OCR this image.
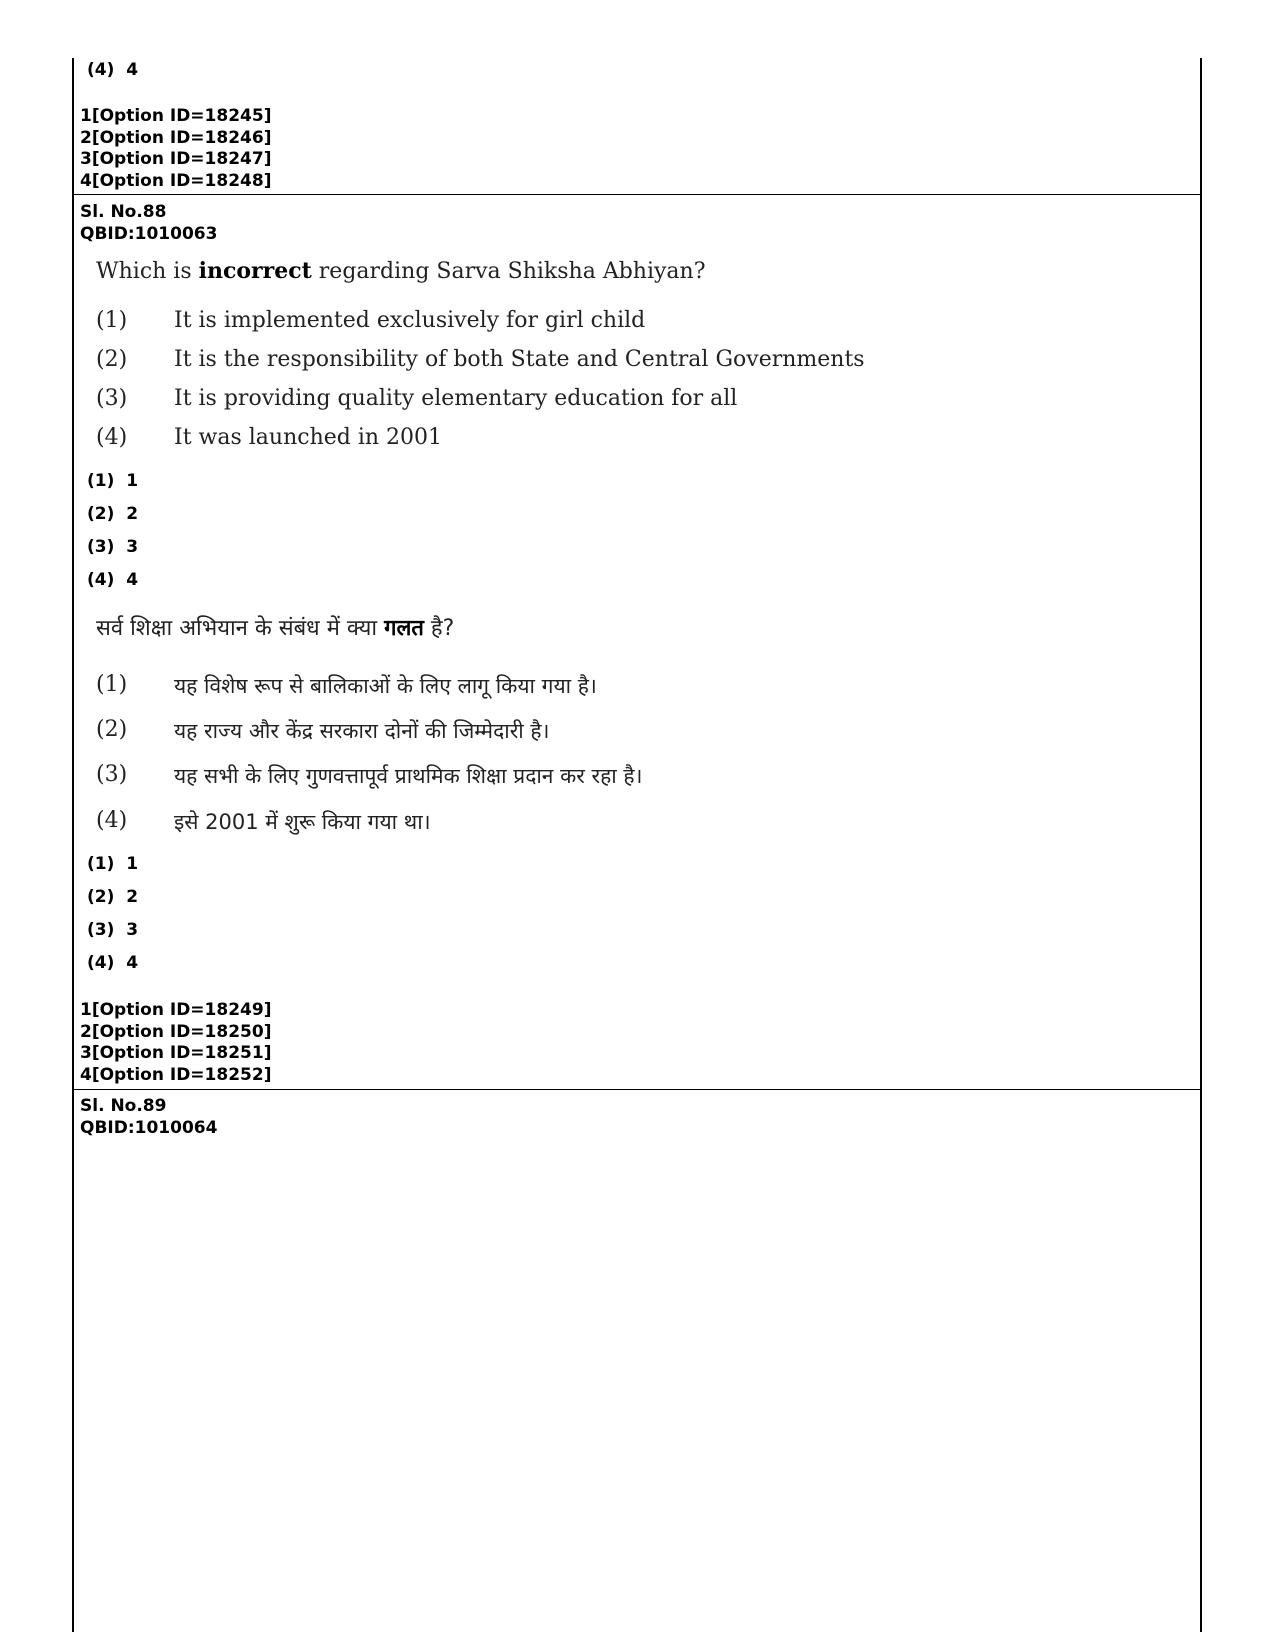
(4) 4
1[Option ID=18245]
2[Option ID=18246]
3[Option ID=18247]
4[Option ID=18248]
Sl. No.88
QBID:1010063
Which is incorrect regarding Sarva Shiksha Abhiyan?
(1)	It is implemented exclusively for girl child
(2)	It is the responsibility of both State and Central Governments
(3)	It is providing quality elementary education for all
(4)	It was launched in 2001
(1) 1
(2) 2
(3) 3
(4) 4
सर्व शिक्षा अभियान के संबंध में क्या गलत है?
(1)	यह विशेष रूप से बालिकाओं के लिए लागू किया गया है।
(2)	यह राज्य और केंद्र सरकारा दोनों की जिम्मेदारी है।
(3)	यह सभी के लिए गुणवत्तापूर्व प्राथमिक शिक्षा प्रदान कर रहा है।
(4)	इसे 2001 में शुरू किया गया था।
(1) 1
(2) 2
(3) 3
(4) 4
1[Option ID=18249]
2[Option ID=18250]
3[Option ID=18251]
4[Option ID=18252]
Sl. No.89
QBID:1010064
